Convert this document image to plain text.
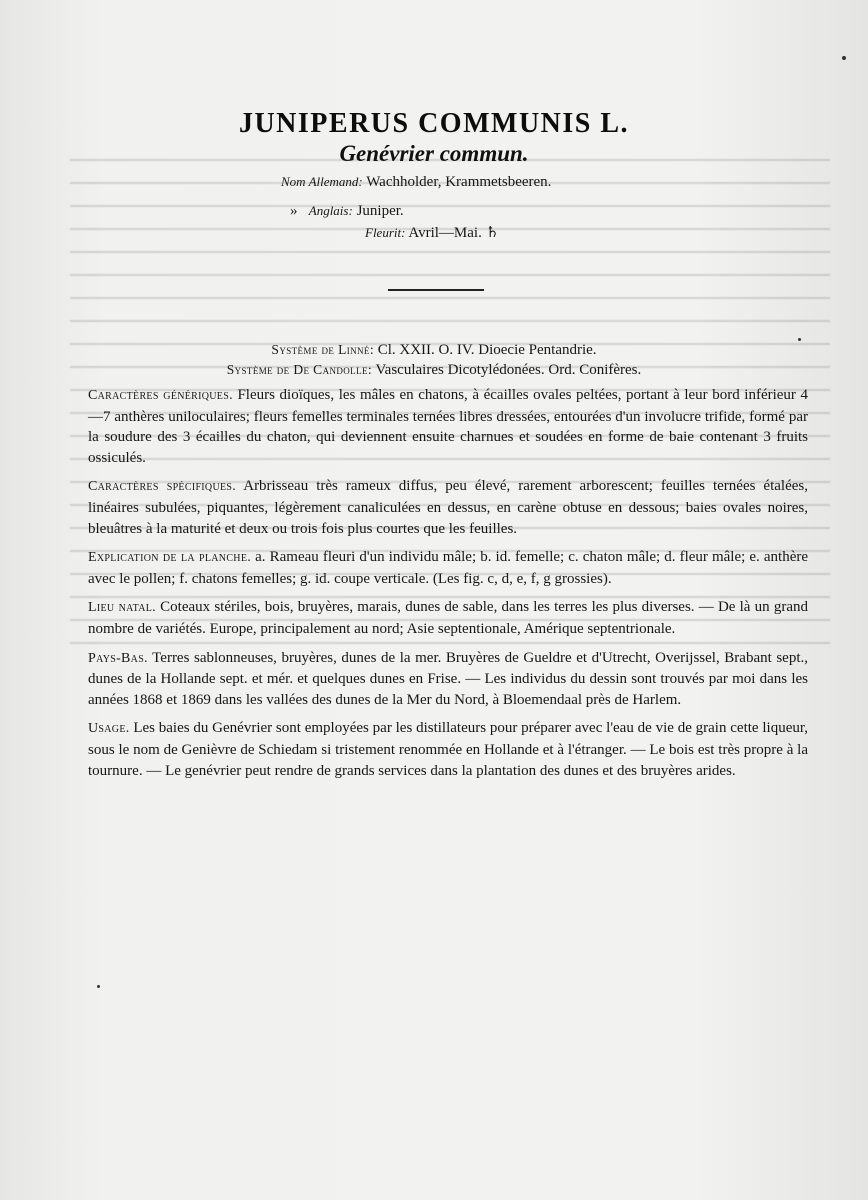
JUNIPERUS COMMUNIS L.
Genévrier commun.
Nom Allemand: Wachholder, Krammetsbeeren.
» Anglais: Juniper.
Fleurit: Avril—Mai. ♄
Système de Linné: Cl. XXII. O. IV. Dioecie Pentandrie.
Système de De Candolle: Vasculaires Dicotylédonées. Ord. Conifères.

Caractères génériques. Fleurs dioïques, les mâles en chatons, à écailles ovales peltées, portant à leur bord inférieur 4—7 anthères uniloculaires; fleurs femelles terminales ternées libres dressées, entourées d'un involucre trifide, formé par la soudure des 3 écailles du chaton, qui deviennent ensuite charnues et soudées en forme de baie contenant 3 fruits ossiculés.

Caractères spécifiques. Arbrisseau très rameux diffus, peu élevé, rarement arborescent; feuilles ternées étalées, linéaires subulées, piquantes, légèrement canaliculées en dessus, en carène obtuse en dessous; baies ovales noires, bleuâtres à la maturité et deux ou trois fois plus courtes que les feuilles.

Explication de la planche. a. Rameau fleuri d'un individu mâle; b. id. femelle; c. chaton mâle; d. fleur mâle; e. anthère avec le pollen; f. chatons femelles; g. id. coupe verticale. (Les fig. c, d, e, f, g grossies).

Lieu natal. Coteaux stériles, bois, bruyères, marais, dunes de sable, dans les terres les plus diverses. — De là un grand nombre de variétés. Europe, principalement au nord; Asie septentionale, Amérique septentrionale.

Pays-Bas. Terres sablonneuses, bruyères, dunes de la mer. Bruyères de Gueldre et d'Utrecht, Overijssel, Brabant sept., dunes de la Hollande sept. et mér. et quelques dunes en Frise. — Les individus du dessin sont trouvés par moi dans les années 1868 et 1869 dans les vallées des dunes de la Mer du Nord, à Bloemendaal près de Harlem.

Usage. Les baies du Genévrier sont employées par les distillateurs pour préparer avec l'eau de vie de grain cette liqueur, sous le nom de Genièvre de Schiedam si tristement renommée en Hollande et à l'étranger. — Le bois est très propre à la tournure. — Le genévrier peut rendre de grands services dans la plantation des dunes et des bruyères arides.
